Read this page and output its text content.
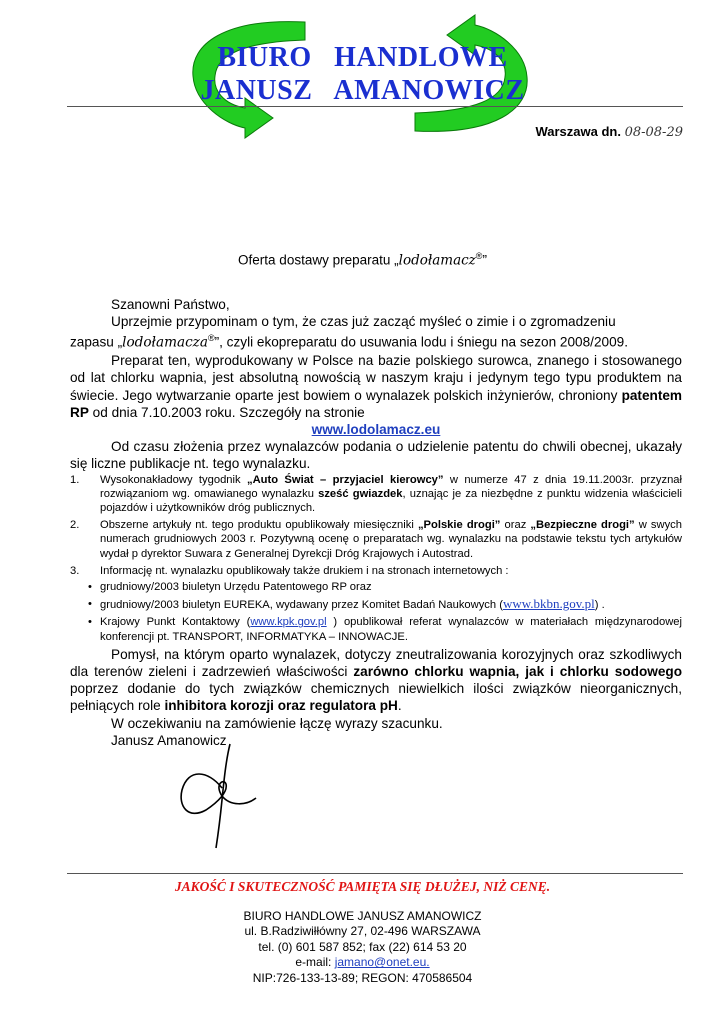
BIURO   HANDLOWE
JANUSZ   AMANOWICZ
Warszawa dn. 08-08-29
Oferta dostawy preparatu „lodołamacz®”

Szanowni Państwo,

Uprzejmie przypominam o tym, że czas już zacząć myśleć o zimie i o zgromadzeniu

zapasu „lodołamacza®”, czyli ekopreparatu do usuwania lodu i śniegu na sezon 2008/2009.

Preparat ten, wyprodukowany w Polsce na bazie polskiego surowca, znanego i stosowanego od lat chlorku wapnia, jest absolutną nowością w naszym kraju i jedynym tego typu produktem na świecie. Jego wytwarzanie oparte jest bowiem o wynalazek polskich inżynierów, chroniony patentem RP od dnia 7.10.2003 roku. Szczegóły na stronie

www.lodolamacz.eu

Od czasu złożenia przez wynalazców podania o udzielenie patentu do chwili obecnej, ukazały się liczne publikacje nt. tego wynalazku.

1. Wysokonakładowy tygodnik „Auto Świat – przyjaciel kierowcy” w numerze 47 z dnia 19.11.2003r. przyznał rozwiązaniom wg. omawianego wynalazku sześć gwiazdek, uznając je za niezbędne z punktu widzenia właścicieli pojazdów i użytkowników dróg publicznych.
2. Obszerne artykuły nt. tego produktu opublikowały miesięczniki „Polskie drogi” oraz „Bezpieczne drogi” w swych numerach grudniowych 2003 r. Pozytywną ocenę o preparatach wg. wynalazku na podstawie tekstu tych artykułów wydał p dyrektor Suwara z Generalnej Dyrekcji Dróg Krajowych i Autostrad.
3. Informację nt. wynalazku opublikowały także drukiem i na stronach internetowych :
• grudniowy/2003 biuletyn Urzędu Patentowego RP oraz
• grudniowy/2003 biuletyn EUREKA, wydawany przez Komitet Badań Naukowych (www.bkbn.gov.pl) .
• Krajowy Punkt Kontaktowy (www.kpk.gov.pl ) opublikował referat wynalazców w materiałach międzynarodowej konferencji pt. TRANSPORT, INFORMATYKA – INNOWACJE.

Pomysł, na którym oparto wynalazek, dotyczy zneutralizowania korozyjnych oraz szkodliwych dla terenów zieleni i zadrzewień właściwości zarówno chlorku wapnia, jak i chlorku sodowego poprzez dodanie do tych związków chemicznych niewielkich ilości związków nieorganicznych, pełniących role inhibitora korozji oraz regulatora pH.

W oczekiwaniu na zamówienie łączę wyrazy szacunku.

Janusz Amanowicz

JAKOŚĆ I SKUTECZNOŚĆ PAMIĘTA SIĘ DŁUŻEJ, NIŻ CENĘ.
BIURO HANDLOWE JANUSZ AMANOWICZ
ul. B.Radziwiłłówny 27, 02-496 WARSZAWA
tel. (0) 601 587 852; fax (22) 614 53 20
e-mail: jamano@onet.eu.
NIP:726-133-13-89; REGON: 470586504
